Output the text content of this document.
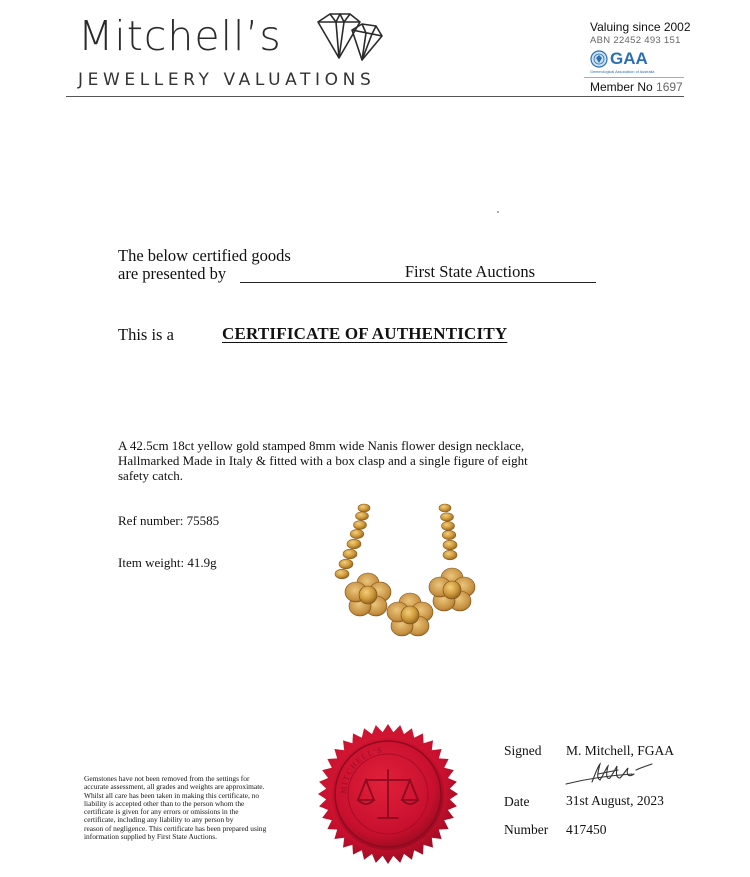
Mitchell’s
JEWELLERY VALUATIONS
Valuing since 2002
ABN 22452 493 151
GAA
Gemmological Association of Australia
Member No 1697
The below certified goods
are presented by	First State Auctions
This is a	CERTIFICATE OF AUTHENTICITY
A 42.5cm 18ct yellow gold stamped 8mm wide Nanis flower design necklace,
Hallmarked Made in Italy & fitted with a box clasp and a single figure of eight
safety catch.
Ref number: 75585
Item weight: 41.9g
Gemstones have not been removed from the settings for
accurate assessment, all grades and weights are approximate.
Whilst all care has been taken in making this certificate, no
liability is accepted other than to the person whom the
certificate is given for any errors or omissions in the
certificate, including any liability to any person by
reason of negligence. This certificate has been prepared using
information supplied by First State Auctions.
MITCHELL'S	Signed M. Mitchell, FGAA
Date	31st August, 2023
Number 417450
